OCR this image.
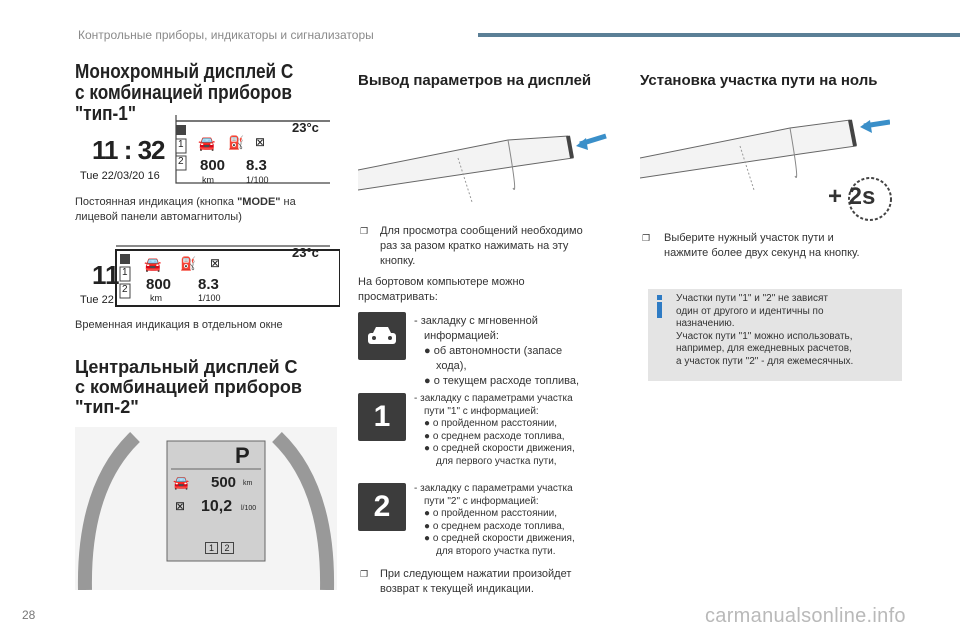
Контрольные приборы, индикаторы и сигнализаторы
Монохромный дисплей C
с комбинацией приборов "тип-1"
11 : 32
Tue 22/03/20 16
23°c
1
2
🚘 ⛽ ⊠
800
km
8.3
1/100
Постоянная индикация (кнопка "MODE" на
лицевой панели автомагнитолы)
11
Tue 22
23°c
1
2
🚘 ⛽ ⊠
800
km
8.3
1/100
Временная индикация в отдельном окне
Центральный дисплей C
с комбинацией приборов
"тип-2"
P
🚘 500 km
⊠ 10,2 l/100
1 2
Вывод параметров на дисплей
❐	Для просмотра сообщений необходимо
раз за разом кратко нажимать на эту
кнопку.
На бортовом компьютере можно
просматривать:
- закладку с мгновенной
информацией:
● об автономности (запасе
хода),
● о текущем расходе топлива,
1
- закладку с параметрами участка
пути "1" с информацией:
● о пройденном расстоянии,
● о среднем расходе топлива,
● о средней скорости движения,
для первого участка пути,
2
- закладку с параметрами участка
пути "2" с информацией:
● о пройденном расстоянии,
● о среднем расходе топлива,
● о средней скорости движения,
для второго участка пути.
❐	При следующем нажатии произойдет
возврат к текущей индикации.
Установка участка пути на ноль
+ 2s
❐	Выберите нужный участок пути и
нажмите более двух секунд на кнопку.
Участки пути "1" и "2" не зависят
один от другого и идентичны по
назначению.
Участок пути "1" можно использовать,
например, для ежедневных расчетов,
а участок пути "2" - для ежемесячных.
28	carmanualsonline.info
